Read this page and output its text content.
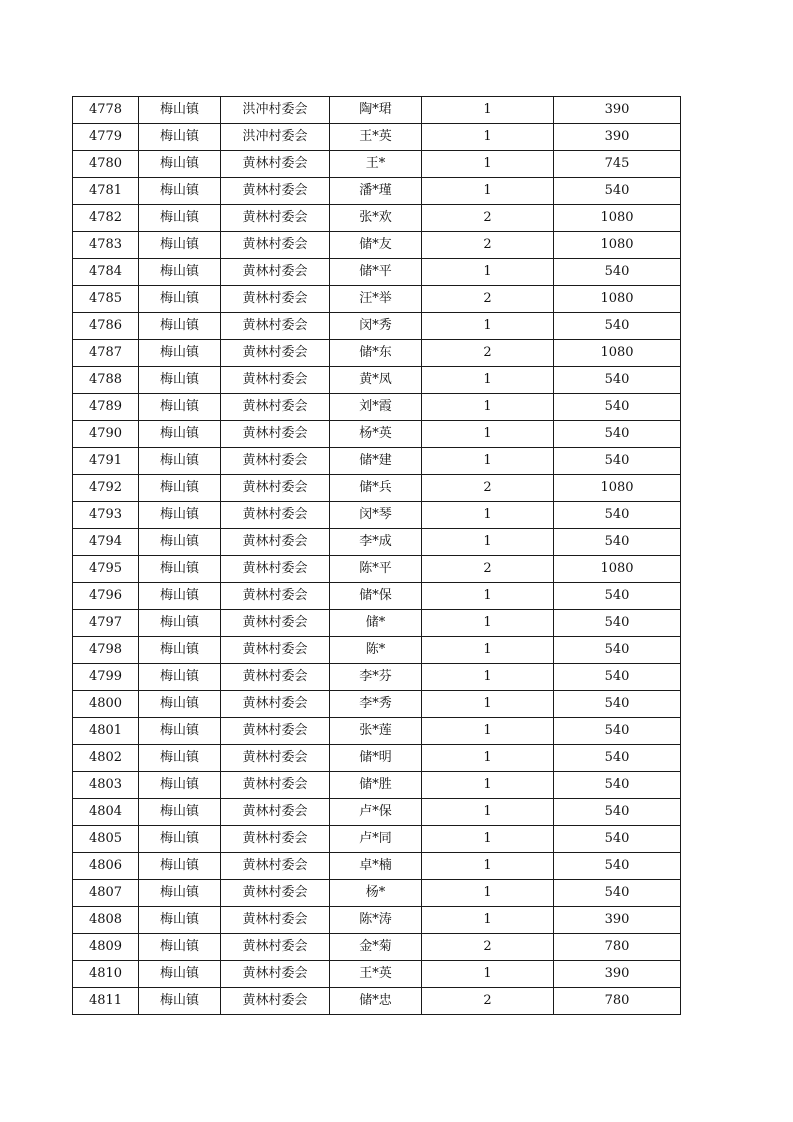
4778	梅山镇	洪冲村委会	陶*珺	1	390
4779	梅山镇	洪冲村委会	王*英	1	390
4780	梅山镇	黄林村委会	王*	1	745
4781	梅山镇	黄林村委会	潘*瑾	1	540
4782	梅山镇	黄林村委会	张*欢	2	1080
4783	梅山镇	黄林村委会	储*友	2	1080
4784	梅山镇	黄林村委会	储*平	1	540
4785	梅山镇	黄林村委会	汪*举	2	1080
4786	梅山镇	黄林村委会	闵*秀	1	540
4787	梅山镇	黄林村委会	储*东	2	1080
4788	梅山镇	黄林村委会	黄*凤	1	540
4789	梅山镇	黄林村委会	刘*霞	1	540
4790	梅山镇	黄林村委会	杨*英	1	540
4791	梅山镇	黄林村委会	储*建	1	540
4792	梅山镇	黄林村委会	储*兵	2	1080
4793	梅山镇	黄林村委会	闵*琴	1	540
4794	梅山镇	黄林村委会	李*成	1	540
4795	梅山镇	黄林村委会	陈*平	2	1080
4796	梅山镇	黄林村委会	储*保	1	540
4797	梅山镇	黄林村委会	储*	1	540
4798	梅山镇	黄林村委会	陈*	1	540
4799	梅山镇	黄林村委会	李*芬	1	540
4800	梅山镇	黄林村委会	李*秀	1	540
4801	梅山镇	黄林村委会	张*莲	1	540
4802	梅山镇	黄林村委会	储*明	1	540
4803	梅山镇	黄林村委会	储*胜	1	540
4804	梅山镇	黄林村委会	卢*保	1	540
4805	梅山镇	黄林村委会	卢*同	1	540
4806	梅山镇	黄林村委会	卓*楠	1	540
4807	梅山镇	黄林村委会	杨*	1	540
4808	梅山镇	黄林村委会	陈*涛	1	390
4809	梅山镇	黄林村委会	金*菊	2	780
4810	梅山镇	黄林村委会	王*英	1	390
4811	梅山镇	黄林村委会	储*忠	2	780
